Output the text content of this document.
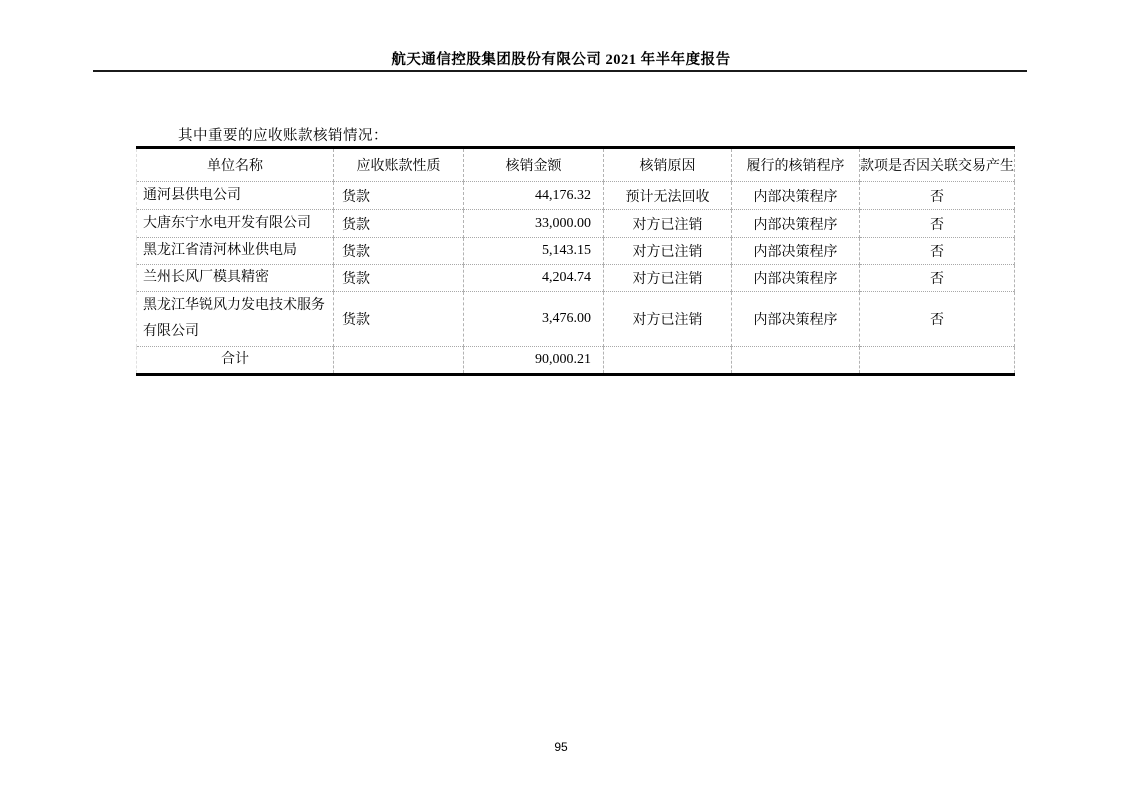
航天通信控股集团股份有限公司 2021 年半年度报告
其中重要的应收账款核销情况：
单位名称	应收账款性质	核销金额	核销原因	履行的核销程序	款项是否因关联交易产生
通河县供电公司	货款	44,176.32	预计无法回收	内部决策程序	否
大唐东宁水电开发有限公司	货款	33,000.00	对方已注销	内部决策程序	否
黑龙江省清河林业供电局	货款	5,143.15	对方已注销	内部决策程序	否
兰州长风厂模具精密	货款	4,204.74	对方已注销	内部决策程序	否
黑龙江华锐风力发电技术服务有限公司	货款	3,476.00	对方已注销	内部决策程序	否
合计		90,000.21			
95
